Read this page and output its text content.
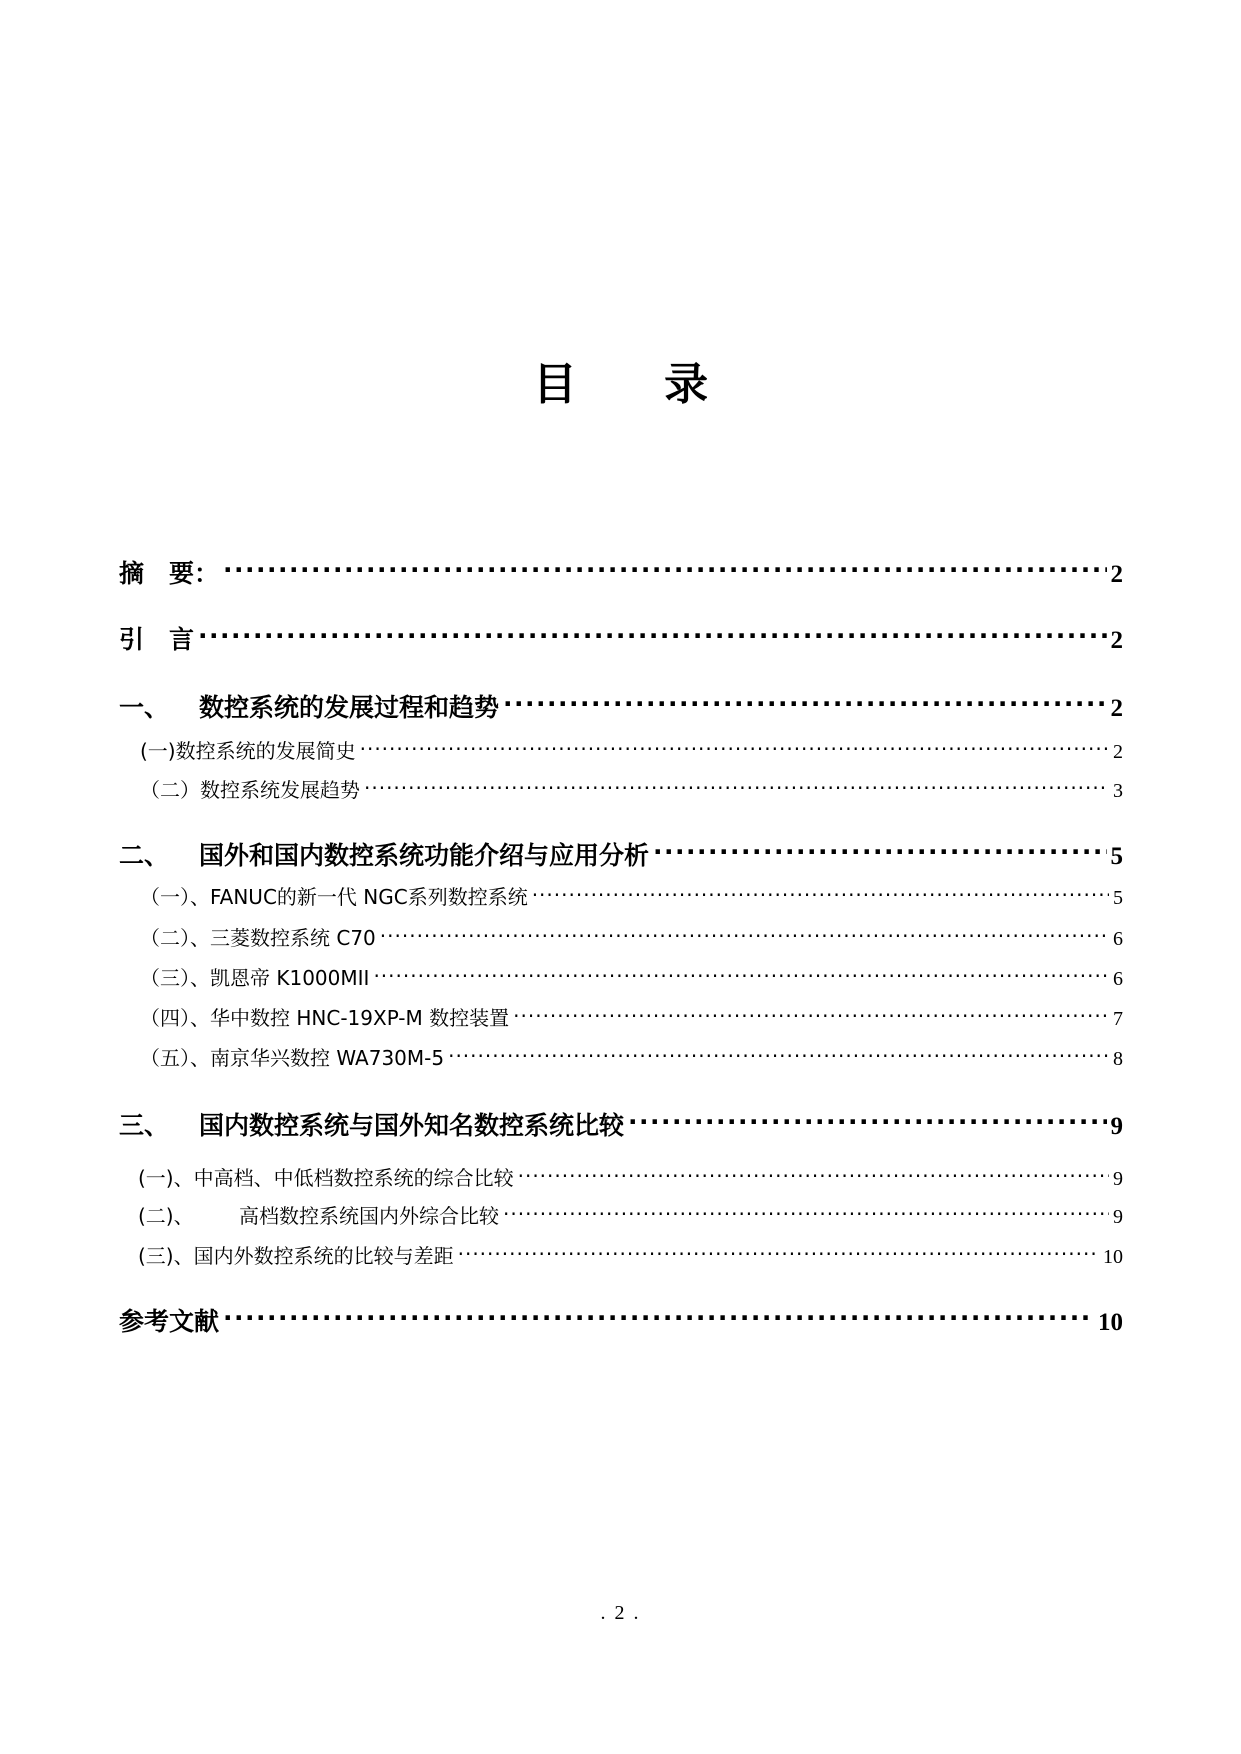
目 录
摘　要： .....	2
引　言 .....	2
一、	数控系统的发展过程和趋势 .....	2
(一)数控系统的发展简史 .....	2
（二）数控系统发展趋势 .....	3
二、	国外和国内数控系统功能介绍与应用分析 .....	5
（一）、FANUC的新一代 NGC系列数控系统 .....	5
（二）、三菱数控系统 C70 .....	6
（三）、凯恩帝 K1000MII .....	6
（四）、华中数控 HNC-19XP-M 数控装置 .....	7
（五）、南京华兴数控 WA730M-5 .....	8
三、	国内数控系统与国外知名数控系统比较 .....	9
(一)、中高档、中低档数控系统的综合比较 .....	9
(二)、	高档数控系统国内外综合比较 .....	9
(三)、国内外数控系统的比较与差距 .....	10
参考文献 .....	10
. 2 .
